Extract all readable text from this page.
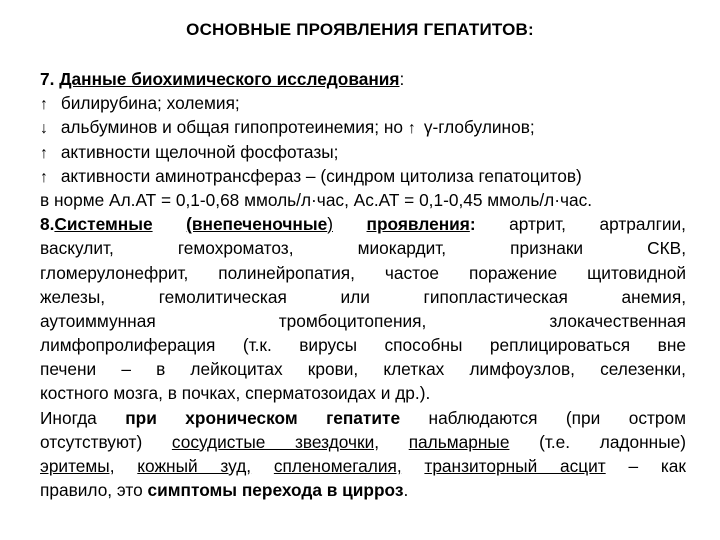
ОСНОВНЫЕ ПРОЯВЛЕНИЯ ГЕПАТИТОВ:
7. Данные биохимического исследования:
↑ билирубина; холемия;
↓ альбуминов и общая гипопротеинемия; но ↑ γ-глобулинов;
↑ активности щелочной фосфотазы;
↑ активности аминотрансфераз – (синдром цитолиза гепатоцитов)
в норме Ал.АТ = 0,1-0,68 ммоль/л·час, Ас.АТ = 0,1-0,45 ммоль/л·час.
8.Системные (внепеченочные) проявления: артрит, артралгии,
васкулит, гемохроматоз, миокардит, признаки СКВ,
гломерулонефрит, полинейропатия, частое поражение щитовидной
железы, гемолитическая или гипопластическая анемия,
аутоиммунная тромбоцитопения, злокачественная
лимфопролиферация (т.к. вирусы способны реплицироваться вне
печени – в лейкоцитах крови, клетках лимфоузлов, селезенки,
костного мозга, в почках, сперматозоидах и др.).
Иногда при хроническом гепатите наблюдаются (при остром
отсутствуют) сосудистые звездочки, пальмарные (т.е. ладонные)
эритемы, кожный зуд, спленомегалия, транзиторный асцит – как
правило, это симптомы перехода в цирроз.
